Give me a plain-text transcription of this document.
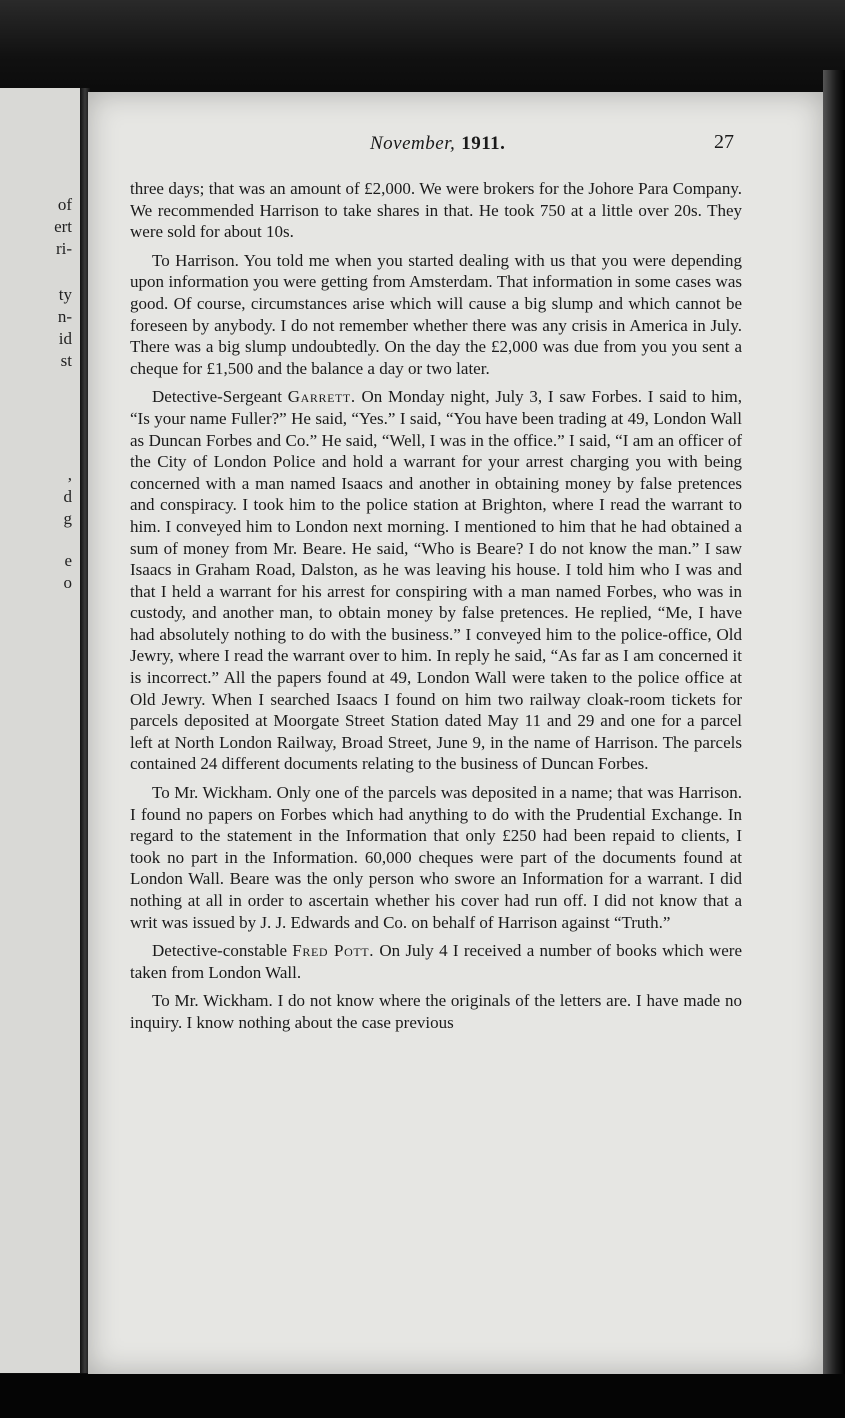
of
ert
ri-
ty
n-
id
st
,
d
g
e
o
November, 1911.	27

three days; that was an amount of £2,000. We were brokers for the Johore Para Company. We recommended Harrison to take shares in that. He took 750 at a little over 20s. They were sold for about 10s.

To Harrison. You told me when you started dealing with us that you were depending upon information you were getting from Amsterdam. That information in some cases was good. Of course, circumstances arise which will cause a big slump and which cannot be foreseen by anybody. I do not remember whether there was any crisis in America in July. There was a big slump undoubtedly. On the day the £2,000 was due from you you sent a cheque for £1,500 and the balance a day or two later.

Detective-Sergeant Garrett. On Monday night, July 3, I saw Forbes. I said to him, “Is your name Fuller?” He said, “Yes.” I said, “You have been trading at 49, London Wall as Duncan Forbes and Co.” He said, “Well, I was in the office.” I said, “I am an officer of the City of London Police and hold a warrant for your arrest charging you with being concerned with a man named Isaacs and another in obtaining money by false pretences and conspiracy. I took him to the police station at Brighton, where I read the warrant to him. I conveyed him to London next morning. I mentioned to him that he had obtained a sum of money from Mr. Beare. He said, “Who is Beare? I do not know the man.” I saw Isaacs in Graham Road, Dalston, as he was leaving his house. I told him who I was and that I held a warrant for his arrest for conspiring with a man named Forbes, who was in custody, and another man, to obtain money by false pretences. He replied, “Me, I have had absolutely nothing to do with the business.” I conveyed him to the police-office, Old Jewry, where I read the warrant over to him. In reply he said, “As far as I am concerned it is incorrect.” All the papers found at 49, London Wall were taken to the police office at Old Jewry. When I searched Isaacs I found on him two railway cloak-room tickets for parcels deposited at Moorgate Street Station dated May 11 and 29 and one for a parcel left at North London Railway, Broad Street, June 9, in the name of Harrison. The parcels contained 24 different documents relating to the business of Duncan Forbes.

To Mr. Wickham. Only one of the parcels was deposited in a name; that was Harrison. I found no papers on Forbes which had anything to do with the Prudential Exchange. In regard to the statement in the Information that only £250 had been repaid to clients, I took no part in the Information. 60,000 cheques were part of the documents found at London Wall. Beare was the only person who swore an Information for a warrant. I did nothing at all in order to ascertain whether his cover had run off. I did not know that a writ was issued by J. J. Edwards and Co. on behalf of Harrison against “Truth.”

Detective-constable Fred Pott. On July 4 I received a number of books which were taken from London Wall.

To Mr. Wickham. I do not know where the originals of the letters are. I have made no inquiry. I know nothing about the case previous
